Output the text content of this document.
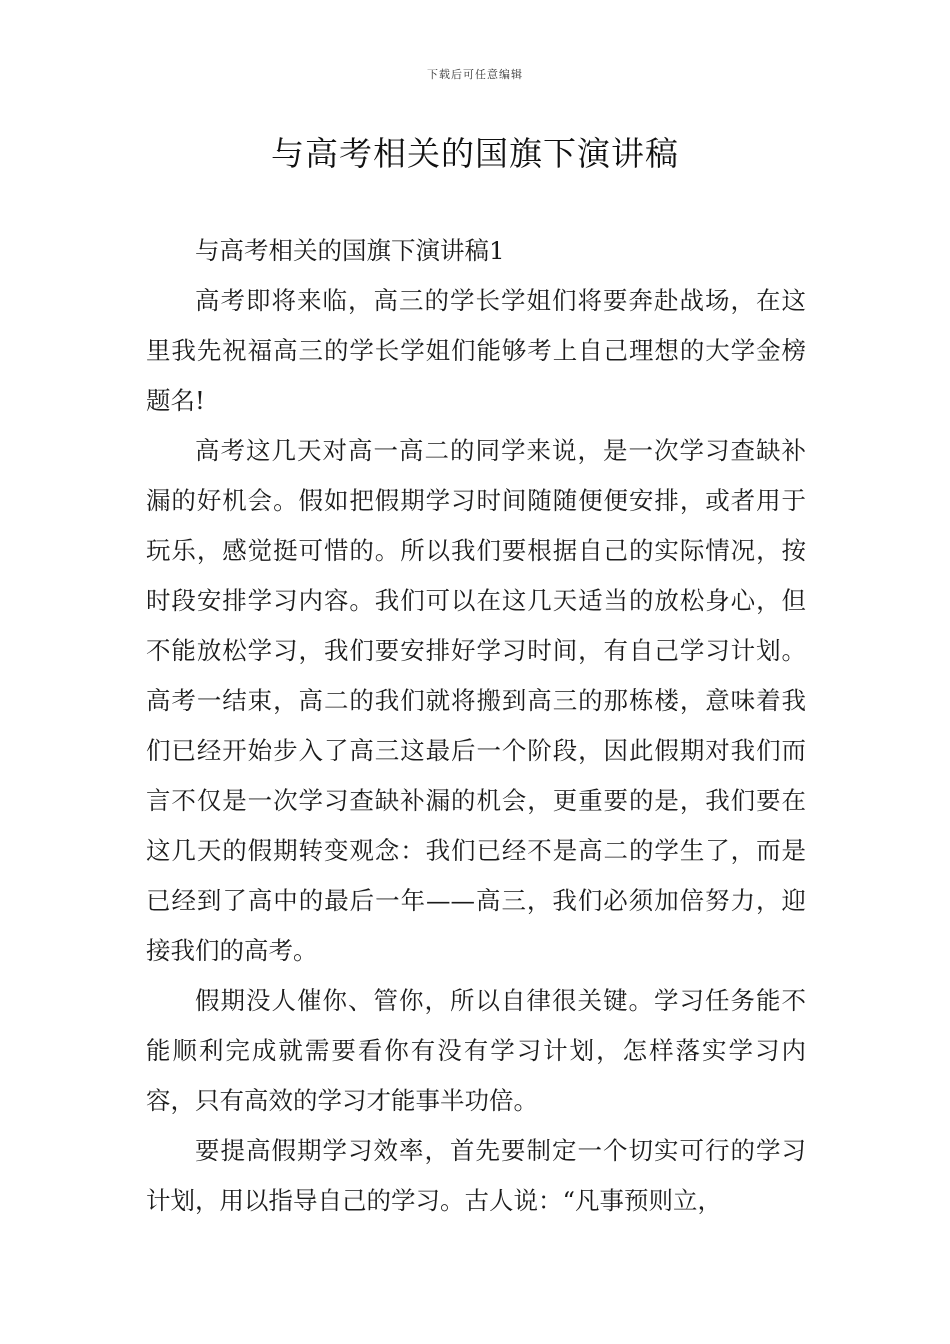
下载后可任意编辑
与高考相关的国旗下演讲稿

与高考相关的国旗下演讲稿1

高考即将来临，高三的学长学姐们将要奔赴战场，在这里我先祝福高三的学长学姐们能够考上自己理想的大学金榜题名!

高考这几天对高一高二的同学来说，是一次学习查缺补漏的好机会。假如把假期学习时间随随便便安排，或者用于玩乐，感觉挺可惜的。所以我们要根据自己的实际情况，按时段安排学习内容。我们可以在这几天适当的放松身心，但不能放松学习，我们要安排好学习时间，有自己学习计划。高考一结束，高二的我们就将搬到高三的那栋楼，意味着我们已经开始步入了高三这最后一个阶段，因此假期对我们而言不仅是一次学习查缺补漏的机会，更重要的是，我们要在这几天的假期转变观念：我们已经不是高二的学生了，而是已经到了高中的最后一年——高三，我们必须加倍努力，迎接我们的高考。

假期没人催你、管你，所以自律很关键。学习任务能不能顺利完成就需要看你有没有学习计划，怎样落实学习内容，只有高效的学习才能事半功倍。

要提高假期学习效率，首先要制定一个切实可行的学习计划，用以指导自己的学习。古人说：“凡事预则立，
